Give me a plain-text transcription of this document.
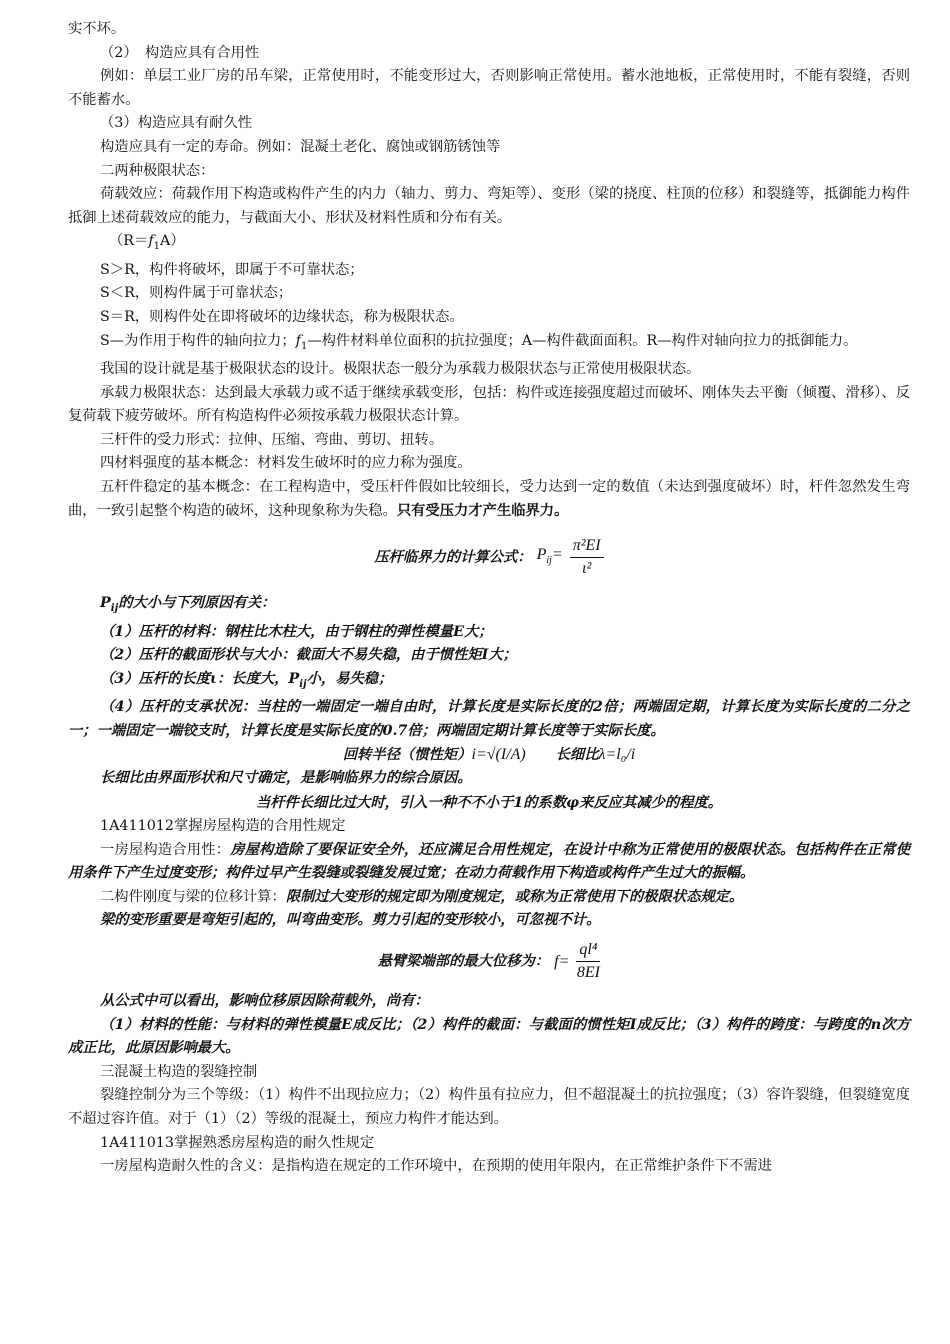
实不坏。

（2）　构造应具有合用性

例如：单层工业厂房的吊车梁，正常使用时，不能变形过大，否则影响正常使用。蓄水池地板，正常使用时，不能有裂缝，否则不能蓄水。

（3）构造应具有耐久性

构造应具有一定的寿命。例如：混凝土老化、腐蚀或钢筋锈蚀等

二两种极限状态：

荷载效应：荷载作用下构造或构件产生的内力（轴力、剪力、弯矩等）、变形（梁的挠度、柱顶的位移）和裂缝等，抵御能力构件抵御上述荷载效应的能力，与截面大小、形状及材料性质和分布有关。

$(R=f_1A)$

S＞R，构件将破坏，即属于不可靠状态；

S＜R，则构件属于可靠状态；

S＝R，则构件处在即将破坏的边缘状态，称为极限状态。

S—为作用于构件的轴向拉力；$f_1—$构件材料单位面积的抗拉强度；A—构件截面面积。R—构件对轴向拉力的抵御能力。

我国的设计就是基于极限状态的设计。极限状态一般分为承载力极限状态与正常使用极限状态。

承载力极限状态：达到最大承载力或不适于继续承载变形，包括：构件或连接强度超过而破坏、刚体失去平衡（倾覆、滑移）、反复荷载下疲劳破坏。所有构造构件必须按承载力极限状态计算。

三杆件的受力形式：拉伸、压缩、弯曲、剪切、扭转。

四材料强度的基本概念：材料发生破坏时的应力称为强度。

五杆件稳定的基本概念：在工程构造中，受压杆件假如比较细长，受力达到一定的数值（未达到强度破坏）时，杆件忽然发生弯曲，一致引起整个构造的破坏，这种现象称为失稳。只有受压力才产生临界力。

压杆临界力的计算公式： $P_{ij}= \frac{\text{π²EI}}{\text{ι²}}$

$P_{ij}$的大小与下列原因有关：

（1）压杆的材料：钢柱比木柱大，由于钢柱的弹性模量E大；

（2）压杆的截面形状与大小：截面大不易失稳，由于惯性矩I大；

（3）压杆的长度ι：长度大，$P_{ij}$小，易失稳；

（4）压杆的支承状况：当柱的一端固定一端自由时，计算长度是实际长度的2倍；两端固定期，计算长度为实际长度的二分之一；一端固定一端铰支时，计算长度是实际长度的0.7倍；两端固定期计算长度等于实际长度。

回转半径（惯性矩）i=√(I/A) 长细比λ=l₀/i

长细比由界面形状和尺寸确定，是影响临界力的综合原因。

当杆件长细比过大时，引入一种不不小于1的系数φ来反应其减少的程度。

1A411012掌握房屋构造的合用性规定

一房屋构造合用性：房屋构造除了要保证安全外，还应满足合用性规定，在设计中称为正常使用的极限状态。包括构件在正常使用条件下产生过度变形；构件过早产生裂缝或裂缝发展过宽；在动力荷载作用下构造或构件产生过大的振幅。

二构件刚度与梁的位移计算：限制过大变形的规定即为刚度规定，或称为正常使用下的极限状态规定。

梁的变形重要是弯矩引起的，叫弯曲变形。剪力引起的变形较小，可忽视不计。

悬臂梁端部的最大位移为： $f= \frac{\text{ql⁴}}{8EI}$

从公式中可以看出，影响位移原因除荷载外，尚有：

（1）材料的性能：与材料的弹性模量E成反比；（2）构件的截面：与截面的惯性矩I成反比；（3）构件的跨度：与跨度的n次方成正比，此原因影响最大。

三混凝土构造的裂缝控制

裂缝控制分为三个等级：（1）构件不出现拉应力；（2）构件虽有拉应力，但不超混凝土的抗拉强度；（3）容许裂缝，但裂缝宽度不超过容许值。对于（1）（2）等级的混凝土，预应力构件才能达到。

1A411013掌握熟悉房屋构造的耐久性规定

一房屋构造耐久性的含义：是指构造在规定的工作环境中，在预期的使用年限内，在正常维护条件下不需进
